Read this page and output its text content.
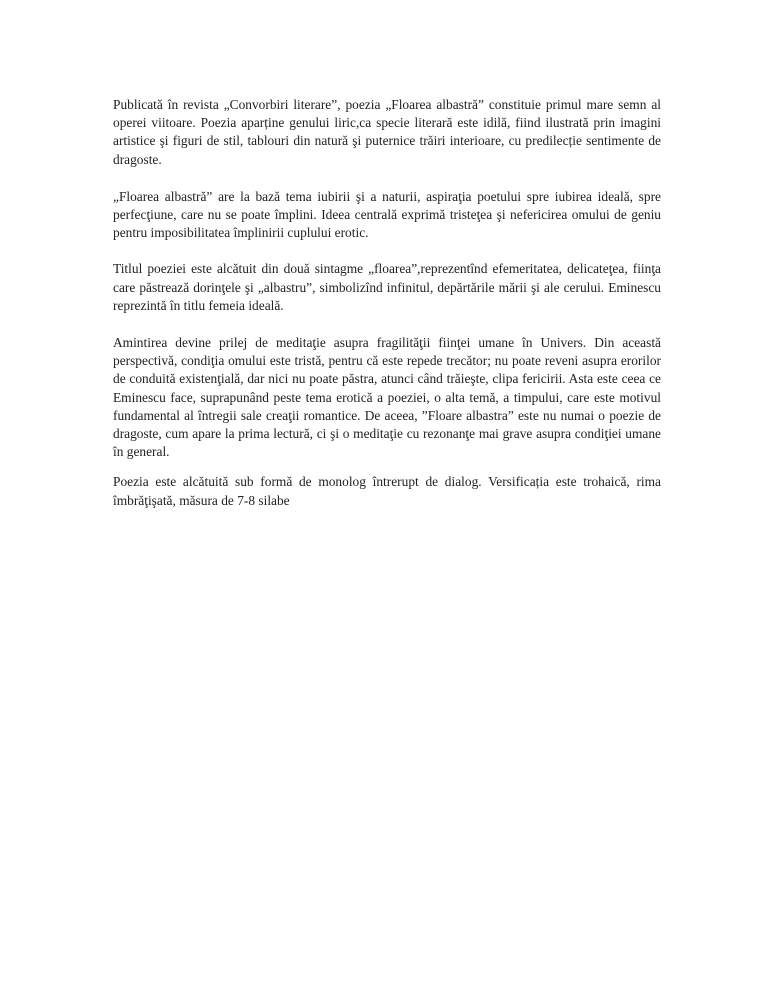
Publicată în revista „Convorbiri literare”, poezia „Floarea albastră” constituie primul mare semn al operei viitoare. Poezia aparține genului liric,ca specie literară este idilă, fiind ilustrată prin imagini artistice şi figuri de stil, tablouri din natură şi puternice trăiri interioare, cu predilecție sentimente de dragoste.

„Floarea albastră” are la bază tema iubirii şi a naturii, aspiraţia poetului spre iubirea ideală, spre perfecţiune, care nu se poate împlini. Ideea centrală exprimă tristeţea şi nefericirea omului de geniu pentru imposibilitatea împlinirii cuplului erotic.

Titlul poeziei este alcătuit din două sintagme „floarea”,reprezentînd efemeritatea, delicateţea, fiinţa care păstrează dorinţele şi „albastru”, simbolizînd infinitul, depărtările mării şi ale cerului. Eminescu reprezintă în titlu femeia ideală.

Amintirea devine prilej de meditaţie asupra fragilităţii fiinţei umane în Univers. Din această perspectivă, condiţia omului este tristă, pentru că este repede trecător; nu poate reveni asupra erorilor de conduită existenţială, dar nici nu poate păstra, atunci când trăieşte, clipa fericirii. Asta este ceea ce Eminescu face, suprapunând peste tema erotică a poeziei, o alta temă, a timpului, care este motivul fundamental al întregii sale creaţii romantice. De aceea, ”Floare albastra” este nu numai o poezie de dragoste, cum apare la prima lectură, ci şi o meditaţie cu rezonanţe mai grave asupra condiţiei umane în general.

Poezia este alcătuită sub formă de monolog întrerupt de dialog. Versificația este trohaică, rima îmbrăţişată, măsura de 7-8 silabe
